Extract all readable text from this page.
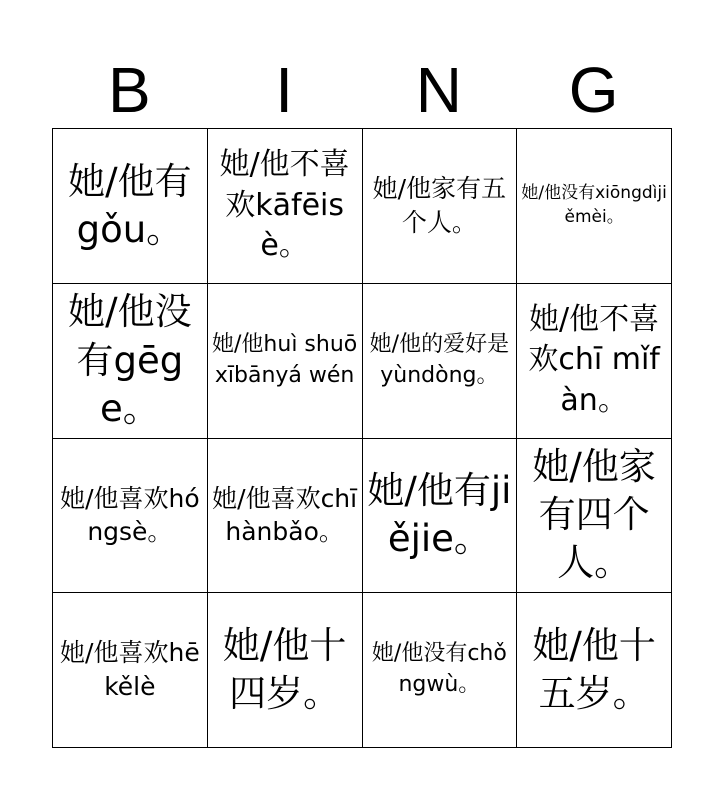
B	I	N	G
她/他有gǒu。
她/他不喜欢kāfēisè。
她/他家有五个人。
她/他没有xiōngdìjiěmèi。
她/他没有gēge。
她/他huì shuō xībānyá wén
她/他的爱好是yùndòng。
她/他不喜欢chī mǐfàn。
她/他喜欢hóngsè。
她/他喜欢chī hànbǎo。
她/他有jiějie。
她/他家有四个人。
她/他喜欢hē kělè
她/他十四岁。
她/他没有chǒngwù。
她/他十五岁。
